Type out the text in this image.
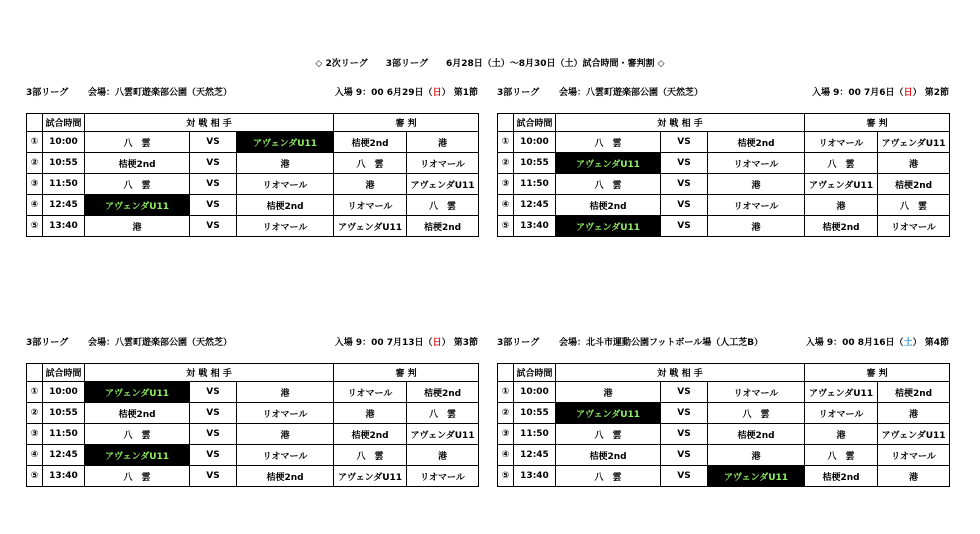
◇ 2次リーグ　　3部リーグ　　6月28日（土）～8月30日（土）試合時間・審判割 ◇
3部リーグ 会場：八雲町遊楽部公園（天然芝）	入場 9：00 6月29日（日） 第1節
	試合時間	対 戦 相 手			審 判	
①	10:00	八　雲	VS	アヴェンダU11	桔梗2nd	港
②	10:55	桔梗2nd	VS	港	八　雲	リオマール
③	11:50	八　雲	VS	リオマール	港	アヴェンダU11
④	12:45	アヴェンダU11	VS	桔梗2nd	リオマール	八　雲
⑤	13:40	港	VS	リオマール	アヴェンダU11	桔梗2nd
3部リーグ 会場：八雲町遊楽部公園（天然芝）	入場 9：00 7月6日（日） 第2節
	試合時間	対 戦 相 手			審 判	
①	10:00	八　雲	VS	桔梗2nd	リオマール	アヴェンダU11
②	10:55	アヴェンダU11	VS	リオマール	八　雲	港
③	11:50	八　雲	VS	港	アヴェンダU11	桔梗2nd
④	12:45	桔梗2nd	VS	リオマール	港	八　雲
⑤	13:40	アヴェンダU11	VS	港	桔梗2nd	リオマール
3部リーグ 会場：八雲町遊楽部公園（天然芝）	入場 9：00 7月13日（日） 第3節
	試合時間	対 戦 相 手			審 判	
①	10:00	アヴェンダU11	VS	港	リオマール	桔梗2nd
②	10:55	桔梗2nd	VS	リオマール	港	八　雲
③	11:50	八　雲	VS	港	桔梗2nd	アヴェンダU11
④	12:45	アヴェンダU11	VS	リオマール	八　雲	港
⑤	13:40	八　雲	VS	桔梗2nd	アヴェンダU11	リオマール
3部リーグ 会場：北斗市運動公園フットボール場（人工芝B）	入場 9：00 8月16日（土） 第4節
	試合時間	対 戦 相 手			審 判	
①	10:00	港	VS	リオマール	アヴェンダU11	桔梗2nd
②	10:55	アヴェンダU11	VS	八　雲	リオマール	港
③	11:50	八　雲	VS	桔梗2nd	港	アヴェンダU11
④	12:45	桔梗2nd	VS	港	八　雲	リオマール
⑤	13:40	八　雲	VS	アヴェンダU11	桔梗2nd	港
